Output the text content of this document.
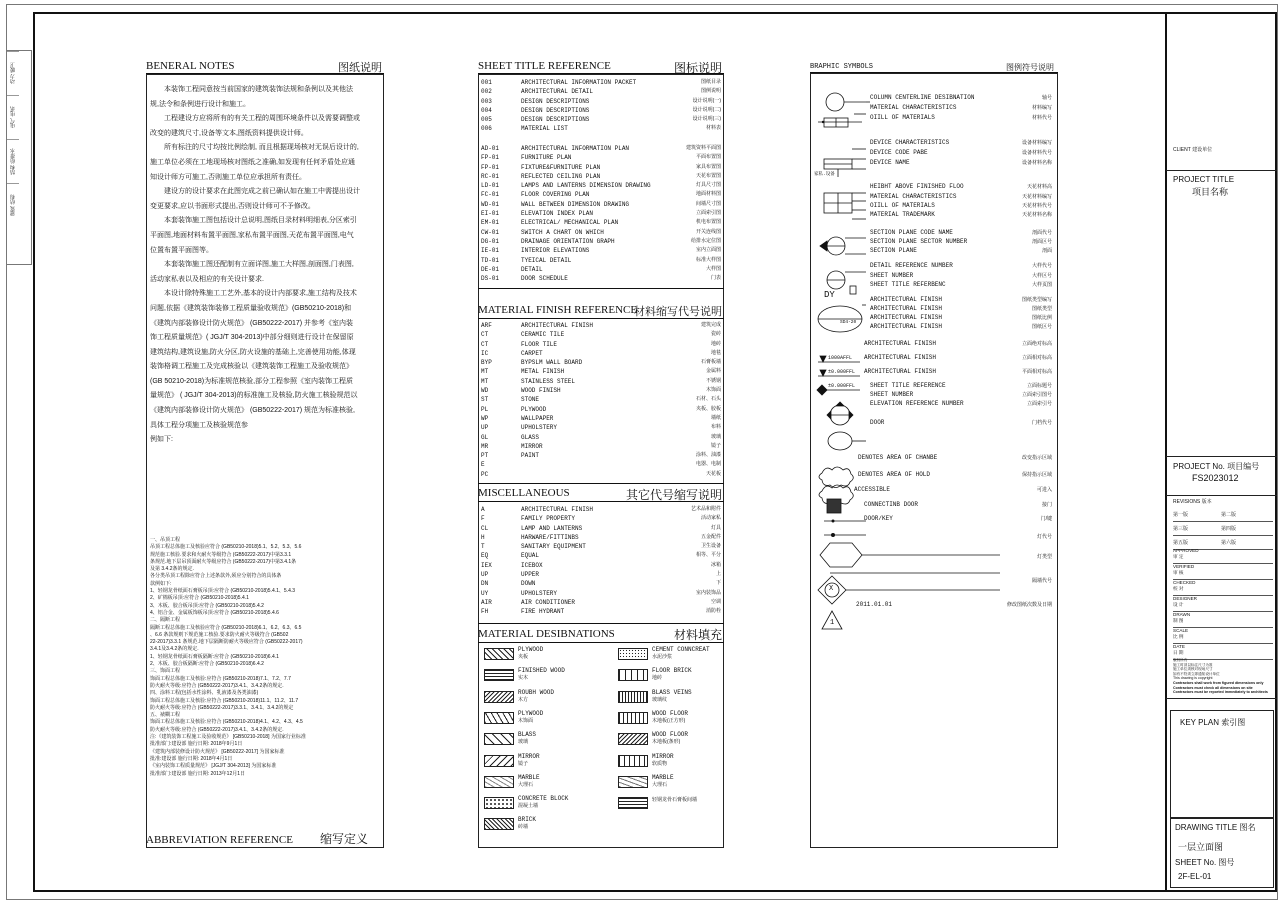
动力 暖卫
电气 电讯
结构 给排水
建筑 结构
BENERAL NOTES	图纸说明

本装饰工程同意按当前国家的建筑装饰法规和条例以及其他法规,法令和条例进行设计和施工。

工程建设方应将所有的有关工程的周围环境条件以及需要调整或改变的建筑尺寸,设备等文本,图纸资料提供设计师。

所有标注的尺寸均按比例绘制, 而且根据现场核对无误后设计的,施工单位必须在工地现场核对图纸之准确,如发现有任何矛盾处应通知设计师方可施工,否则施工单位应承担所有责任。

建设方的设计要求在此图完成之前已确认如在施工中需提出设计变更要求,应以书面形式提出,否则设计师可不予修改。

本套装饰施工图包括设计总说明,图纸目录材料明细表,分区索引平面图,地面材料布置平面图,家私布置平面图,天花布置平面图,电气位置布置平面图等。

本套装饰施工图还配制有立面详图,施工大样图,剖面图,门表图,活动家私表以及相应的有关设计要求.

本设计除特殊施工工艺外,基本的设计内部要求,施工结构及技术问题,依据《建筑装饰装修工程质量验收规范》(GB50210-2018)和《建筑内部装修设计防火规范》 (GB50222-2017) 并参考《室内装饰工程质量规范》( JGJ/T 304-2013)中部分细则进行设计在保留原建筑结构,建筑设施,防火分区,防火设施的基础上,完善使用功能,体现装饰格调工程施工及完成核验以《建筑装饰工程施工及验收规范》(GB 50210-2018)为标准规范核验,部分工程参照《室内装饰工程质量规范》 ( JGJ/T 304-2013)的标准施工及核验,防火施工核验规范以《建筑内部装修设计防火规范》 (GB50222-2017) 规范为标准核验,具体工程分项施工及核验规范参

例如下:

一、吊顶工程
吊顶工程总体施工及核验应符合 (GB50210-2018)5.1、5.2、5.3、5.6
规范施工核验.要求和火耐火等级符合 (GB50222-2017)中第3.3.1
条规范.地下层吊顶面耐火等级应符合 (GB50222-2017)中第3.4.1条
及第 3.4.2条的规定.
各分类吊顶工程除应符合上述条款外,须应分别符合的具体条
款例如下:
1、轻钢龙骨纸面石膏板吊顶:应符合 (GB50210-2018)5.4.1、5.4.3
2、矿棉板吊顶:应符合 (GB50210-2018)5.4.1
3、木板、胶合板吊顶:应符合 (GB50210-2018)5.4.2
4、铝合金、金属板饰板吊顶:应符合 (GB50210-2018)5.4.6
二、隔断工程
隔断工程总体施工及核验应符合 (GB50210-2018)6.1、6.2、6.3、6.5
、6.6 条款规则下规范施工核验.要求防火耐火等级符合 (GB502
22-2017)3.3.1 条规范.地下层隔断防耐火等级应符合 (GB50222-2017)
3.4.1及3.4.2条的规定.
1、轻钢龙骨纸面石膏板隔断:应符合 (GB50210-2018)6.4.1
2、木板、胶合板隔断:应符合 (GB50210-2018)6.4.2
三、饰面工程
饰面工程总体施工及核验:应符合 (GB50210-2018)7.1、7.2、7.7
防火耐火等级:应符合 (GB50222-2017)3.4.1、3.4.2条的规定.
四、涂料工程(包括水性涂料、乳液漆及各类油漆)
饰面工程总体施工及核验:应符合 (GB50210-2018)11.1、11.2、11.7
防火耐火等级:应符合 (GB50222-2017)3.3.1、3.4.1、3.4.2的规定
五、裱糊工程
饰面工程总体施工及核验:应符合 (GB50210-2018)4.1、4.2、4.3、4.5
防火耐火等级:应符合 (GB50222-2017)3.4.1、3.4.2条的规定.
注:《建筑装饰工程施工及验收规范》 [GB50210-2018] 为国家行业标准
批准部门:建设部 施行日期: 2018年9月1日
《建筑内部装修设计防火规范》 [GB50222-2017] 为国家标准
批准:建设部 施行日期: 2018年4月1日
《室内装饰工程质量规范》 [JGJ/T 304-2013] 为国家标准
批准部门:建设部 施行日期: 2013年12月1日
ABBREVIATION REFERENCE 缩写定义
SHEET TITLE REFERENCE	图标说明
001	ARCHITECTURAL INFORMATION PACKET	图纸目录
002	ARCHITECTURAL DETAIL	图例说明
003	DESIGN DESCRIPTIONS	设计说明(一)
004	DESIGN DESCRIPTIONS	设计说明(二)
005	DESIGN DESCRIPTIONS	设计说明(三)
006	MATERIAL LIST	材料表
AD-01	ARCHITECTURAL INFORMATION PLAN	建筑资料平面图
FP-01	FURNITURE PLAN	平面布置图
FP-01	FIXTURE&FURNITURE PLAN	家具布置图
RC-01	REFLECTED CEILING PLAN	天花布置图
LD-01	LAMPS AND LANTERNS DIMENSION DRAWING	灯具尺寸图
FC-01	FLOOR COVERING PLAN	地面材料图
WD-01	WALL BETWEEN DIMENSION DRAWING	间墙尺寸图
EI-01	ELEVATION INDEX PLAN	立面索引图
EM-01	ELECTRICAL/ MECHANICAL PLAN	机电布置图
CW-01	SWITCH A CHART ON WHICH	开关连线图
DG-01	DRAINAGE ORIENTATION GRAPH	给排水定位图
IE-01	INTERIOR ELEVATIONS	室内立面图
TD-01	TYEICAL DETAIL	标准大样图
DE-01	DETAIL	大样图
DS-01	DOOR SCHEDULE	门表
MATERIAL FINISH REFERENCE
材料缩写代号说明
ARF	ARCHITECTURAL FINISH	建筑完成
CT	CERAMIC TILE	瓷砖
CT	FLOOR TILE	地砖
IC	CARPET	地毯
BYP	BYPSLM WALL BOARD	石膏板墙
MT	METAL FINISH	金属料
MT	STAINLESS STEEL	不锈钢
WD	WOOD FINISH	木饰面
ST	STONE	石材、石头
PL	PLYWOOD	夹板、胶板
WP	WALLPAPER	墙纸
UP	UPHOLSTERY	布料
GL	GLASS	玻璃
MR	MIRROR	镜子
PT	PAINT	涂料、油漆
E	电器、电制
PC	天花板
MISCELLANEOUS	其它代号缩写说明
A	ARCHITECTURAL FINISH	艺术品和附件
F	FAMILY PROPERTY	活动家私
CL	LAMP AND LANTERNS	灯具
H	HARWARE/FITTINBS	五金配件
T	SANITARY EQUIPMENT	卫生设备
EQ	EQUAL	相等、平分
IEX	ICEBOX	冰箱
UP	UPPER	上
DN	DOWN	下
UY	UPHOLSTERY	室内装饰品
AIR	AIR CONDITIONER	空调
FH	FIRE HYDRANT	消防栓
MATERIAL DESIBNATIONS	材料填充
PLYWOOD
夹板
FINISHED WOOD
实木
ROUBH WOOD
木方
PLYWOOD
木饰面
BLASS
玻璃
MIRROR
镜子
MARBLE
大理石
CONCRETE BLOCK
混凝土墙
BRICK
砖墙
CEMENT CONNCREAT
水泥沙浆
FLOOR BRICK
地砖
BLASS VEINS
玻璃纹
WOOD FLOOR
木地板(正方形)
WOOD FLOOR
木地板(条形)
MIRROR
软质物
MARBLE
大理石
轻钢龙骨石膏板间墙
BRAPHIC SYMBOLS	图例符号说明
DY
SD4-20
1000AFFL
±0.000FFL
±0.000FFL
X
1
家私.设备
COLUMN CENTERLINE DESIBNATION	轴号
MATERIAL CHARACTERISTICS	材料编写
OIILL OF MATERIALS	材料代号
DEVICE CHARACTERISTICS	设备材料编写
DEVICE CODE PABE	设备材料代号
DEVICE NAME	设备材料名称
HEIBHT ABOVE FINISHED FLOO	天花材料高
MATERIAL CHARACTERISTICS	天花材料编写
OIILL OF MATERIALS	天花材料代号
MATERIAL TRADEMARK	天花材料名称
SECTION PLANE CODE NAME	剖面代号
SECTION PLANE SECTOR NUMBER	剖面区号
SECTION PLANE	剖面
DETAIL REFERENCE NUMBER	大样代号
SHEET NUMBER	大样区号
SHEET TITLE REFERBENC	大样页图
ARCHITECTURAL FINISH	图纸类型编写
ARCHITECTURAL FINISH	图纸类型
ARCHITECTURAL FINISH	图纸比例
ARCHITECTURAL FINISH	图纸区号
ARCHITECTURAL FINISH	立面绝对标高
ARCHITECTURAL FINISH	立面相对标高
ARCHITECTURAL FINISH	平面相对标高
SHEET TITLE REFERENCE	立面标题号
SHEET NUMBER	立面索引图号
ELEVATION REFERENCE NUMBER	立面索引号
DOOR	门档代号
DENOTES AREA OF CHANBE	改变指示区域
DENOTES AREA OF HOLD	保持指示区域
ACCESSIBLE	可进入
CONNECTINB DOOR	接门
DOOR/KEY	门/键
灯代号
灯类型
隔墙代号
2011.01.01	修改图纸次数及日期
CLIENT 建设单位
PROJECT TITLE
项目名称
PROJECT No. 项目编号
FS2023012
REVISIONS 版本
第一版	第二版
第三版	第四版
第五版	第六版
APPROVED
审 定
VERIFIED
审 核
CHECKED
校 对
DESIGNER
设 计
DRAWN
制 图
SCALE
比 例
DATE
日 期
版权所有
施工时须以标注尺寸为准
施工单位须核对现场尺寸
如有不符须立即通知设计单位
This drawing is copyright
Contractors shall work from figured dimensions only
Contractors must check all dimensions on site
Contractors must be reported immediately to architects
KEY PLAN 索引图
DRAWING TITLE 图名
一层立面图
SHEET No. 图号
2F-EL-01
